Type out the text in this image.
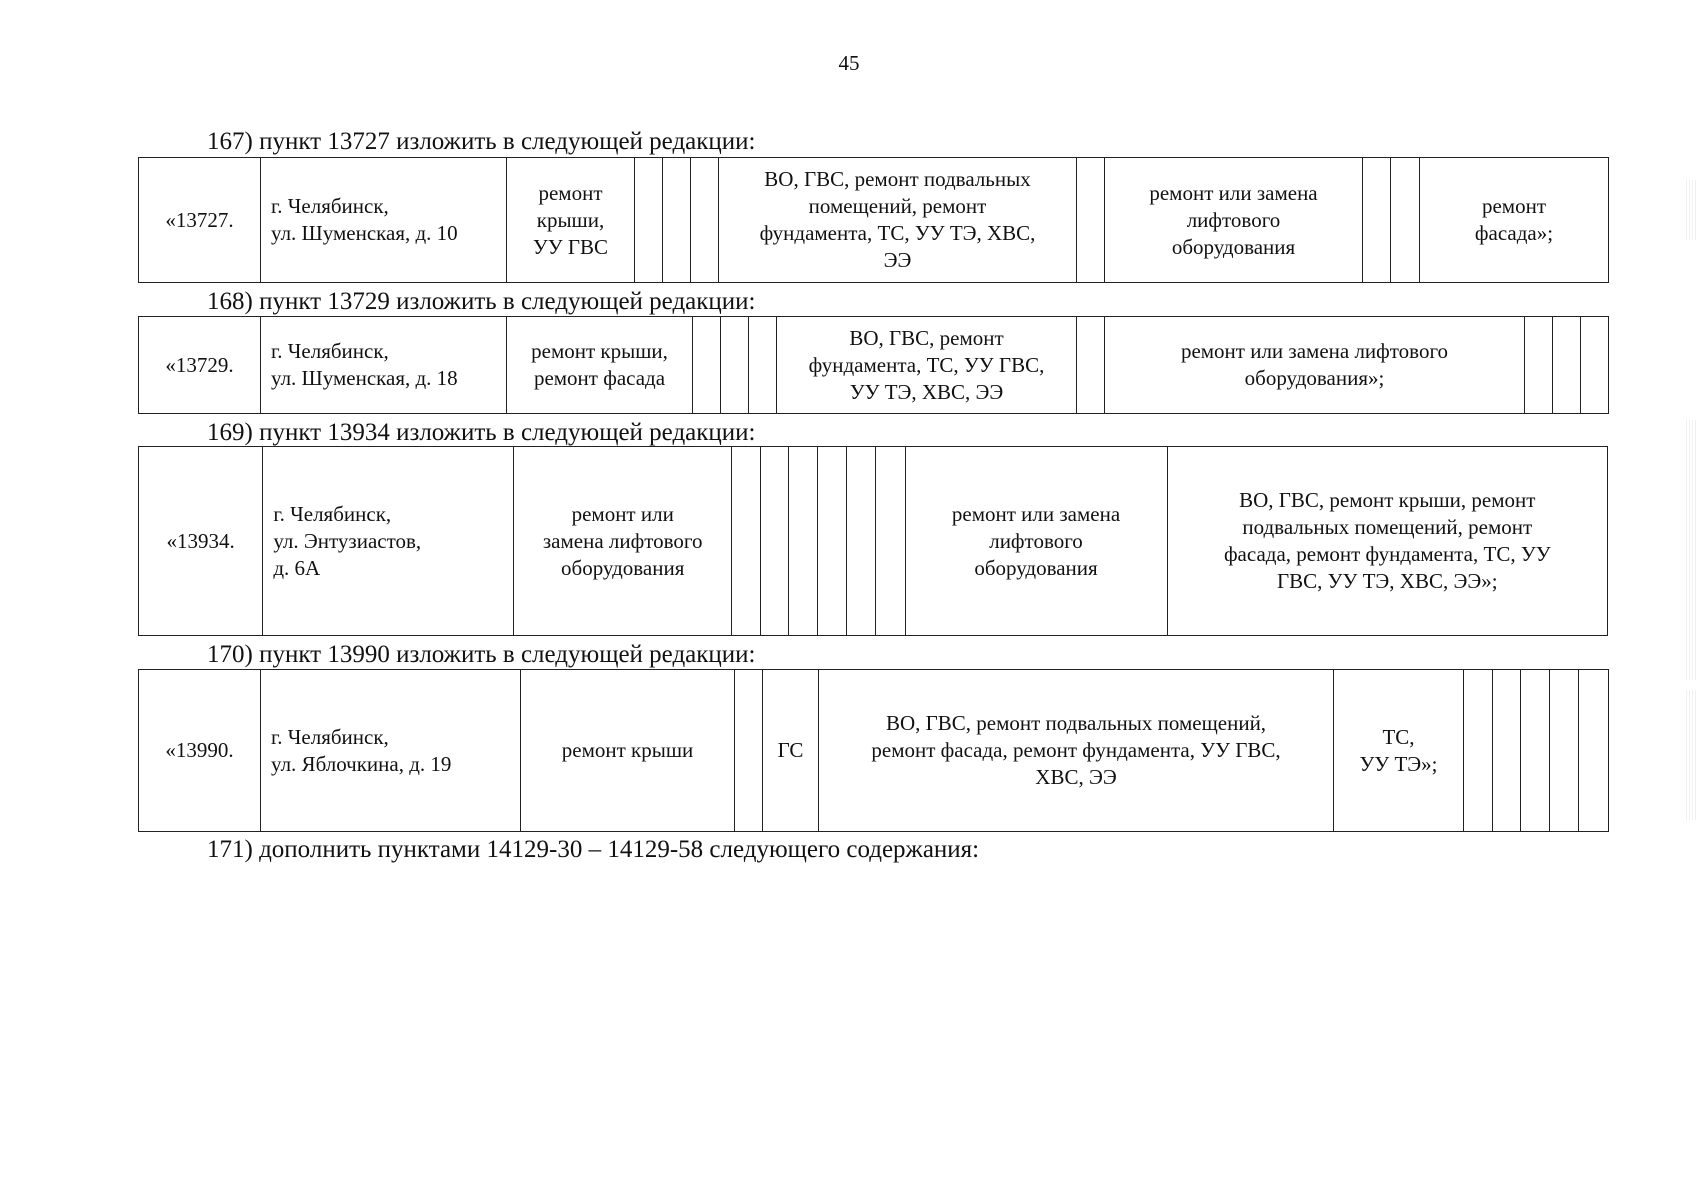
45
167) пункт 13727 изложить в следующей редакции:
«13727.	г. Челябинск,
ул. Шуменская, д. 10	ремонт
крыши,
УУ ГВС				ВО, ГВС, ремонт подвальных
помещений, ремонт
фундамента, ТС, УУ ТЭ, ХВС,
ЭЭ		ремонт или замена
лифтового
оборудования			ремонт
фасада»;
168) пункт 13729 изложить в следующей редакции:
«13729.	г. Челябинск,
ул. Шуменская, д. 18	ремонт крыши,
ремонт фасада				ВО, ГВС, ремонт
фундамента, ТС, УУ ГВС,
УУ ТЭ, ХВС, ЭЭ		ремонт или замена лифтового
оборудования»;			
169) пункт 13934 изложить в следующей редакции:
«13934.	г. Челябинск,
ул. Энтузиастов,
д. 6А	ремонт или
замена лифтового
оборудования							ремонт или замена
лифтового
оборудования	ВО, ГВС, ремонт крыши, ремонт
подвальных помещений, ремонт
фасада, ремонт фундамента, ТС, УУ
ГВС, УУ ТЭ, ХВС, ЭЭ»;
170) пункт 13990 изложить в следующей редакции:
«13990.	г. Челябинск,
ул. Яблочкина, д. 19	ремонт крыши		ГС	ВО, ГВС, ремонт подвальных помещений,
ремонт фасада, ремонт фундамента, УУ ГВС,
ХВС, ЭЭ	ТС,
УУ ТЭ»;					
171) дополнить пунктами 14129-30 – 14129-58 следующего содержания:
